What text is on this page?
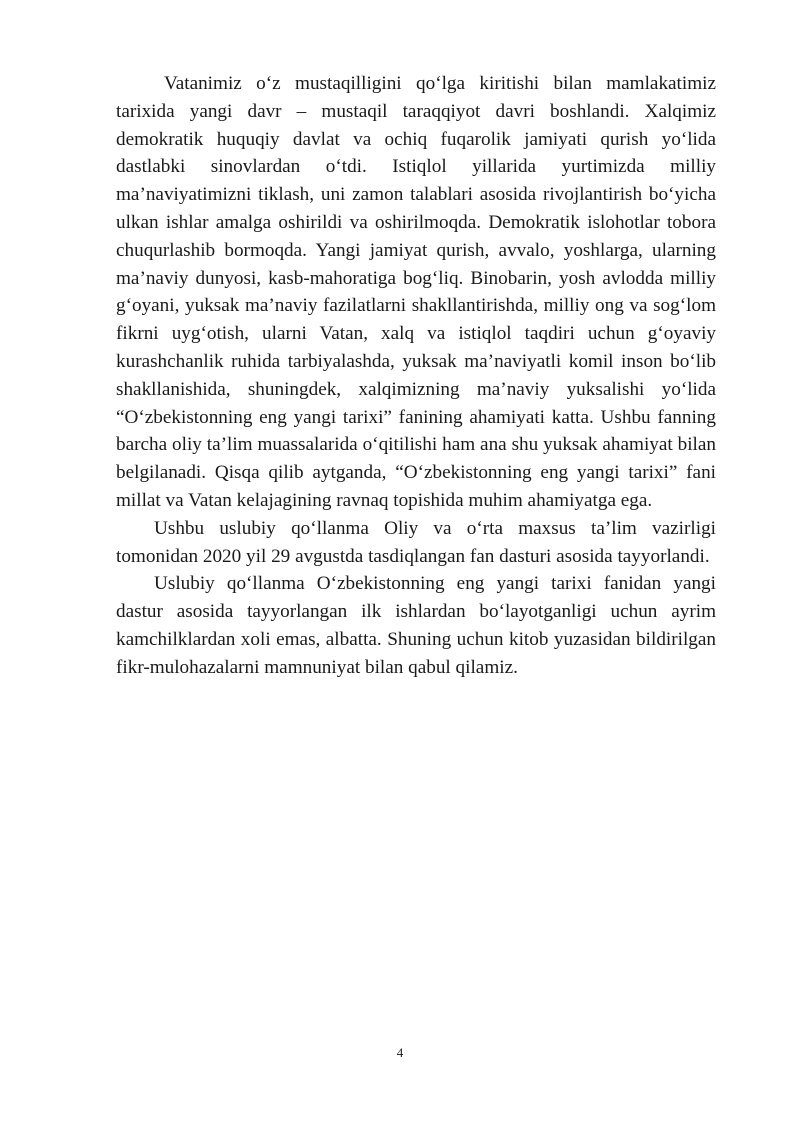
Vatanimiz o‘z mustaqilligini qo‘lga kiritishi bilan mamlakatimiz tarixida yangi davr – mustaqil taraqqiyot davri boshlandi. Xalqimiz demokratik huquqiy davlat va ochiq fuqarolik jamiyati qurish yo‘lida dastlabki sinovlardan o‘tdi. Istiqlol yillarida yurtimizda milliy ma’naviyatimizni tiklash, uni zamon talablari asosida rivojlantirish bo‘yicha ulkan ishlar amalga oshirildi va oshirilmoqda. Demokratik islohotlar tobora chuqurlashib bormoqda. Yangi jamiyat qurish, avvalo, yoshlarga, ularning ma’naviy dunyosi, kasb-mahoratiga bog‘liq. Binobarin, yosh avlodda milliy g‘oyani, yuksak ma’naviy fazilatlarni shakllantirishda, milliy ong va sog‘lom fikrni uyg‘otish, ularni Vatan, xalq va istiqlol taqdiri uchun g‘oyaviy kurashchanlik ruhida tarbiyalashda, yuksak ma’naviyatli komil inson bo‘lib shakllanishida, shuningdek, xalqimizning ma’naviy yuksalishi yo‘lida “O‘zbekistonning eng yangi tarixi” fanining ahamiyati katta. Ushbu fanning barcha oliy ta’lim muassalarida o‘qitilishi ham ana shu yuksak ahamiyat bilan belgilanadi. Qisqa qilib aytganda, “O‘zbekistonning eng yangi tarixi” fani millat va Vatan kelajagining ravnaq topishida muhim ahamiyatga ega.

Ushbu uslubiy qo‘llanma Oliy va o‘rta maxsus ta’lim vazirligi tomonidan 2020 yil 29 avgustda tasdiqlangan fan dasturi asosida tayyorlandi.

Uslubiy qo‘llanma O‘zbekistonning eng yangi tarixi fanidan yangi dastur asosida tayyorlangan ilk ishlardan bo‘layotganligi uchun ayrim kamchilklardan xoli emas, albatta. Shuning uchun kitob yuzasidan bildirilgan fikr-mulohazalarni mamnuniyat bilan qabul qilamiz.

4
